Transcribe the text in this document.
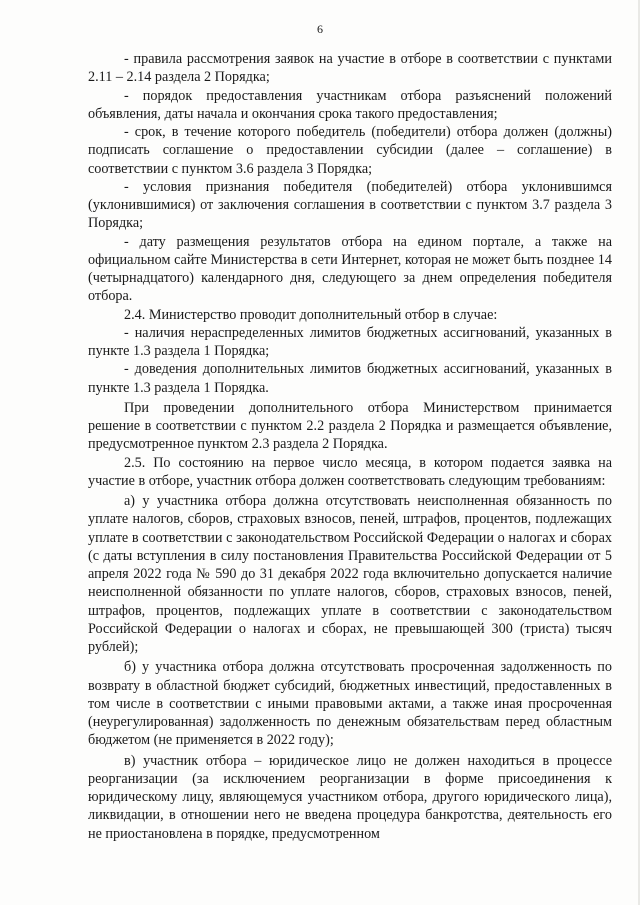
6

- правила рассмотрения заявок на участие в отборе в соответствии с пунктами 2.11 – 2.14 раздела 2 Порядка;

- порядок предоставления участникам отбора разъяснений положений объявления, даты начала и окончания срока такого предоставления;

- срок, в течение которого победитель (победители) отбора должен (должны) подписать соглашение о предоставлении субсидии (далее – соглашение) в соответствии с пунктом 3.6 раздела 3 Порядка;

- условия признания победителя (победителей) отбора уклонившимся (уклонившимися) от заключения соглашения в соответствии с пунктом 3.7 раздела 3 Порядка;

- дату размещения результатов отбора на едином портале, а также на официальном сайте Министерства в сети Интернет, которая не может быть позднее 14 (четырнадцатого) календарного дня, следующего за днем определения победителя отбора.

2.4. Министерство проводит дополнительный отбор в случае:

- наличия нераспределенных лимитов бюджетных ассигнований, указанных в пункте 1.3 раздела 1 Порядка;

- доведения дополнительных лимитов бюджетных ассигнований, указанных в пункте 1.3 раздела 1 Порядка.

При проведении дополнительного отбора Министерством принимается решение в соответствии с пунктом 2.2 раздела 2 Порядка и размещается объявление, предусмотренное пунктом 2.3 раздела 2 Порядка.

2.5. По состоянию на первое число месяца, в котором подается заявка на участие в отборе, участник отбора должен соответствовать следующим требованиям:

а) у участника отбора должна отсутствовать неисполненная обязанность по уплате налогов, сборов, страховых взносов, пеней, штрафов, процентов, подлежащих уплате в соответствии с законодательством Российской Федерации о налогах и сборах (с даты вступления в силу постановления Правительства Российской Федерации от 5 апреля 2022 года № 590 до 31 декабря 2022 года включительно допускается наличие неисполненной обязанности по уплате налогов, сборов, страховых взносов, пеней, штрафов, процентов, подлежащих уплате в соответствии с законодательством Российской Федерации о налогах и сборах, не превышающей 300 (триста) тысяч рублей);

б) у участника отбора должна отсутствовать просроченная задолженность по возврату в областной бюджет субсидий, бюджетных инвестиций, предоставленных в том числе в соответствии с иными правовыми актами, а также иная просроченная (неурегулированная) задолженность по денежным обязательствам перед областным бюджетом (не применяется в 2022 году);

в) участник отбора – юридическое лицо не должен находиться в процессе реорганизации (за исключением реорганизации в форме присоединения к юридическому лицу, являющемуся участником отбора, другого юридического лица), ликвидации, в отношении него не введена процедура банкротства, деятельность его не приостановлена в порядке, предусмотренном
